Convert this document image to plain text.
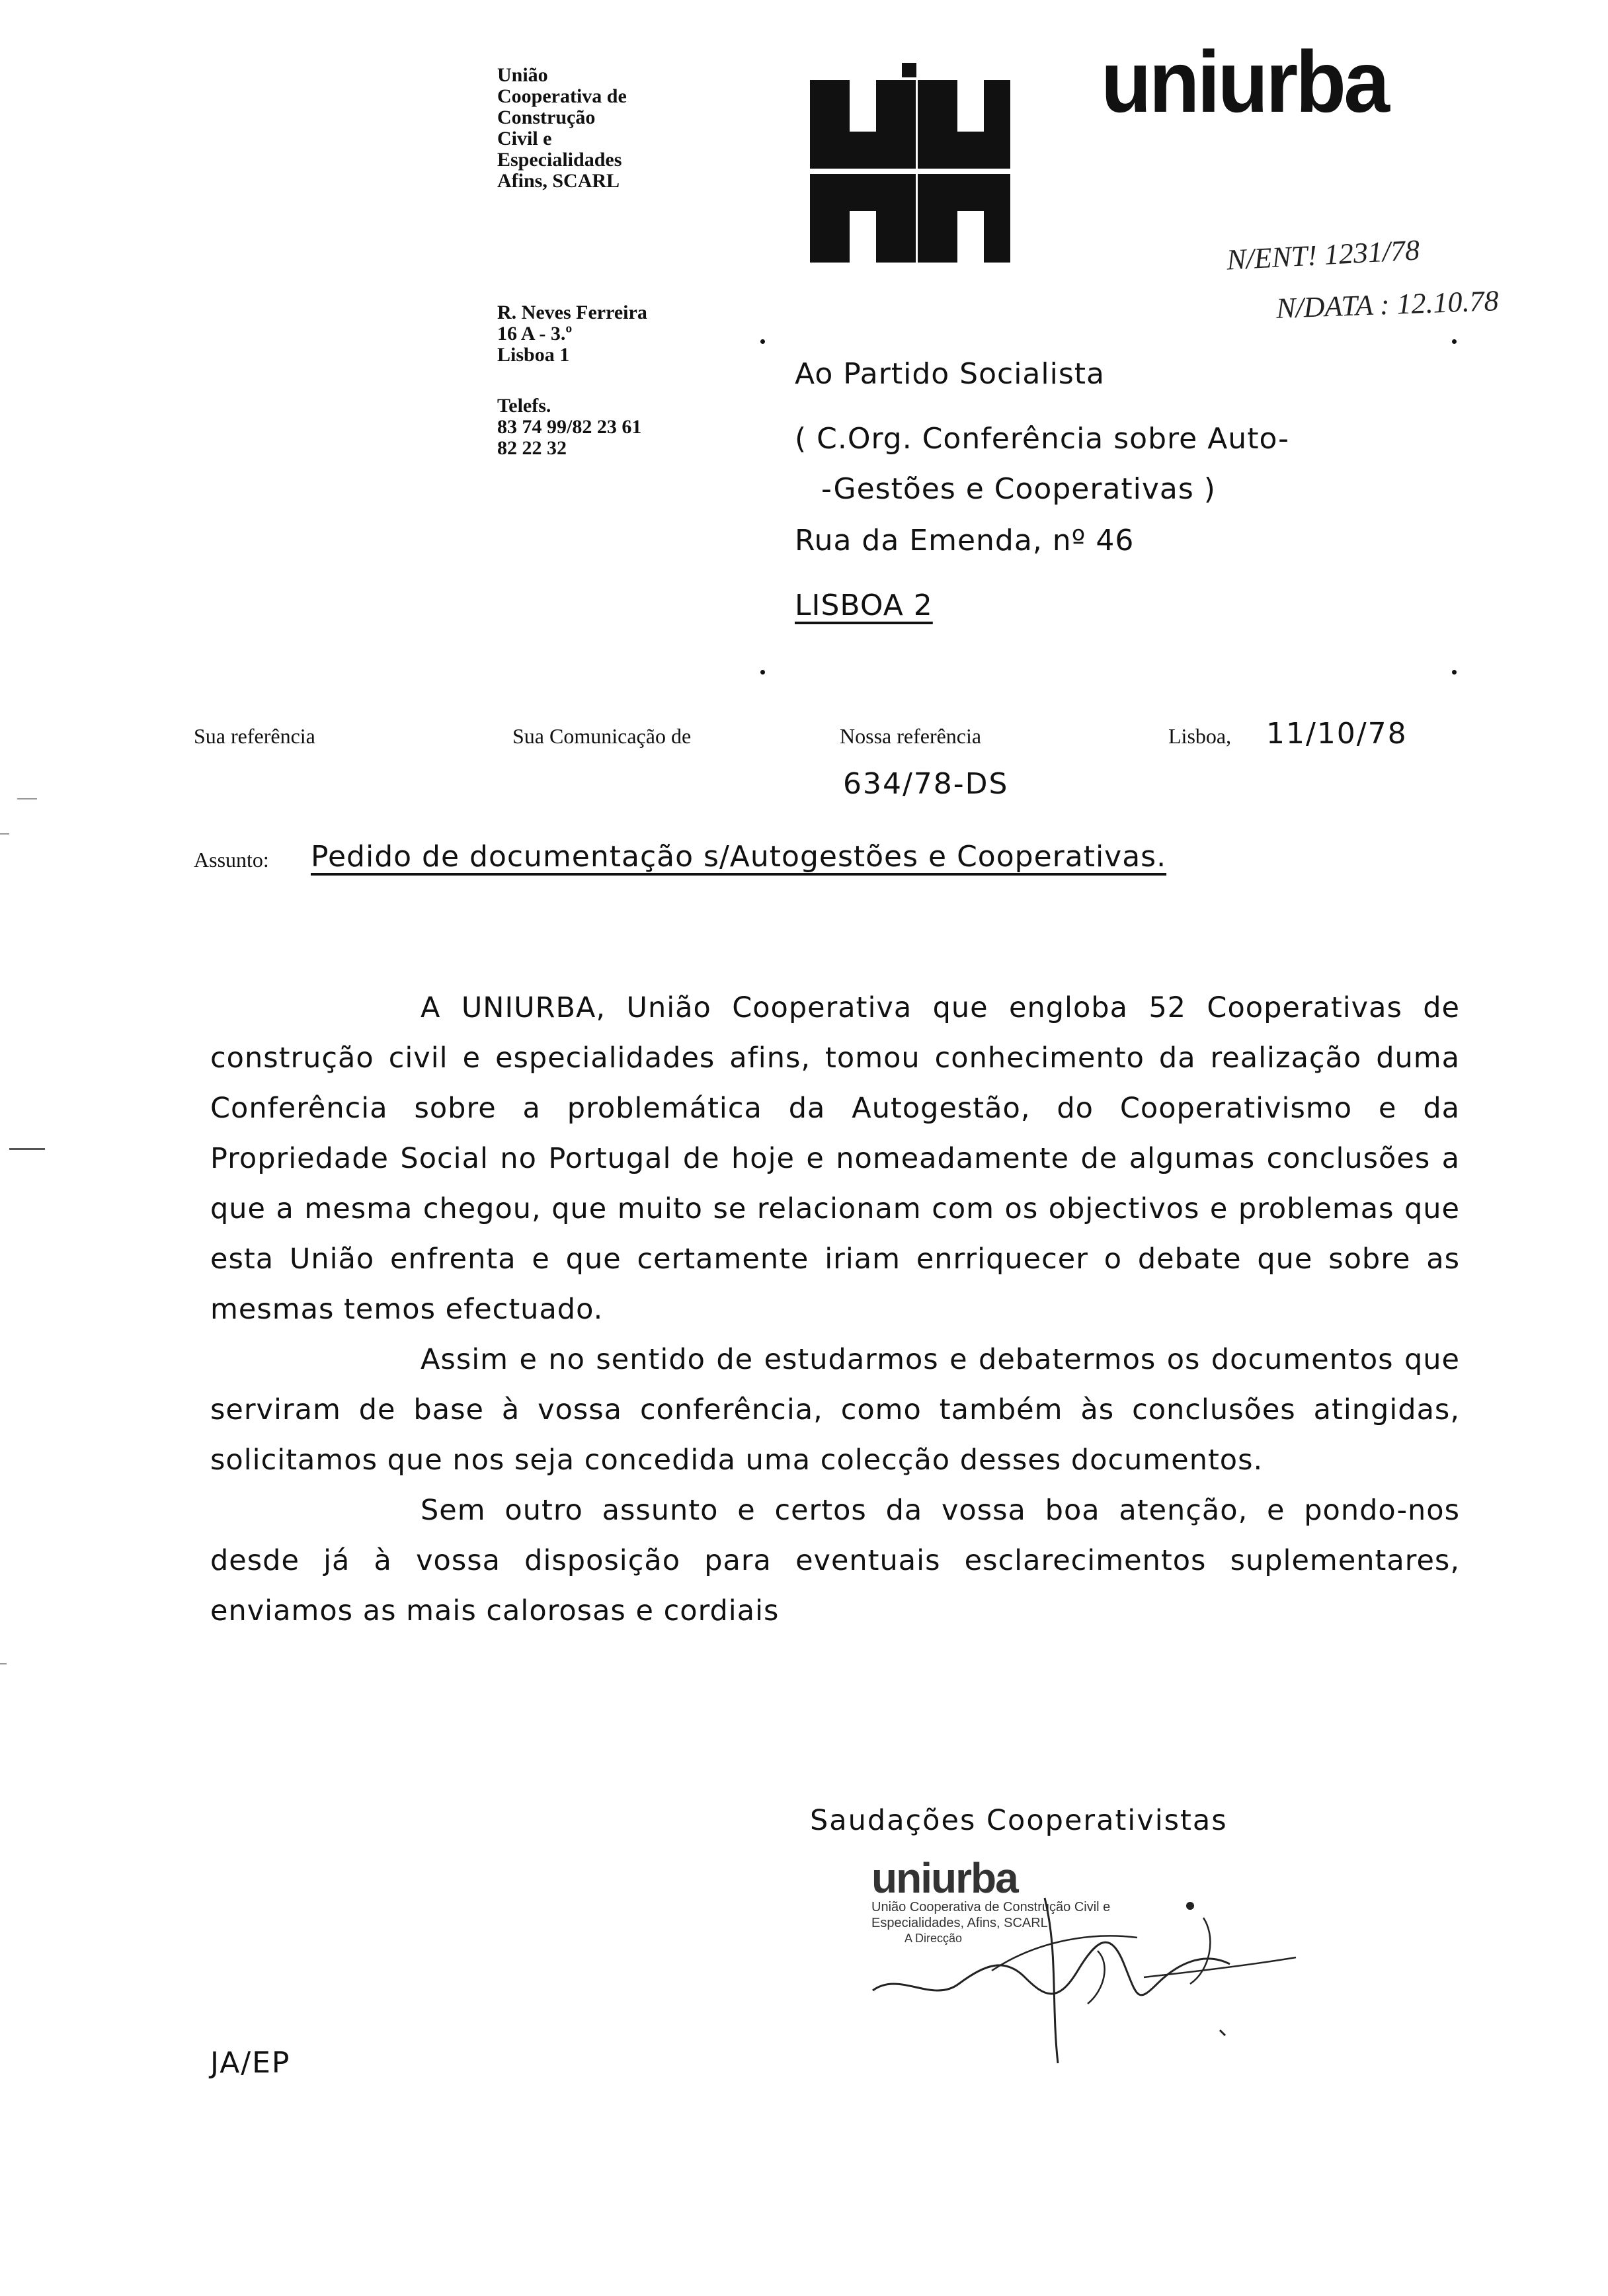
União
Cooperativa de
Construção
Civil e
Especialidades
Afins, SCARL
R. Neves Ferreira
16 A - 3.º
Lisboa 1
Telefs.
83 74 99/82 23 61
82 22 32
uniurba
N/ENT! 1231/78
N/DATA : 12.10.78
Ao Partido Socialista
( C.Org. Conferência sobre Auto-
-Gestões e Cooperativas )
Rua da Emenda, nº 46
LISBOA 2
Sua referência	Sua Comunicação de	Nossa referência	Lisboa, 11/10/78
634/78-DS
Assunto: Pedido de documentação s/Autogestões e Cooperativas.

A UNIURBA, União Cooperativa que engloba 52 Cooperativas de construção civil e especialidades afins, tomou conhecimento da realização duma Conferência sobre a problemática da Autogestão, do Cooperativismo e da Propriedade Social no Portugal de hoje e nomeadamente de algumas conclusões a que a mesma chegou, que muito se relacionam com os objectivos e problemas que esta União enfrenta e que certamente iriam enrriquecer o debate que sobre as mesmas temos efectuado.

Assim e no sentido de estudarmos e debatermos os documentos que serviram de base à vossa conferência, como também às conclusões atingidas, solicitamos que nos seja concedida uma colecção desses documentos.

Sem outro assunto e certos da vossa boa atenção, e pondo-nos desde já à vossa disposição para eventuais esclarecimentos suplementares, enviamos as mais calorosas e cordiais

Saudações Cooperativistas
uniurba
União Cooperativa de Construção Civil e
Especialidades, Afins, SCARL
A Direcção
JA/EP
